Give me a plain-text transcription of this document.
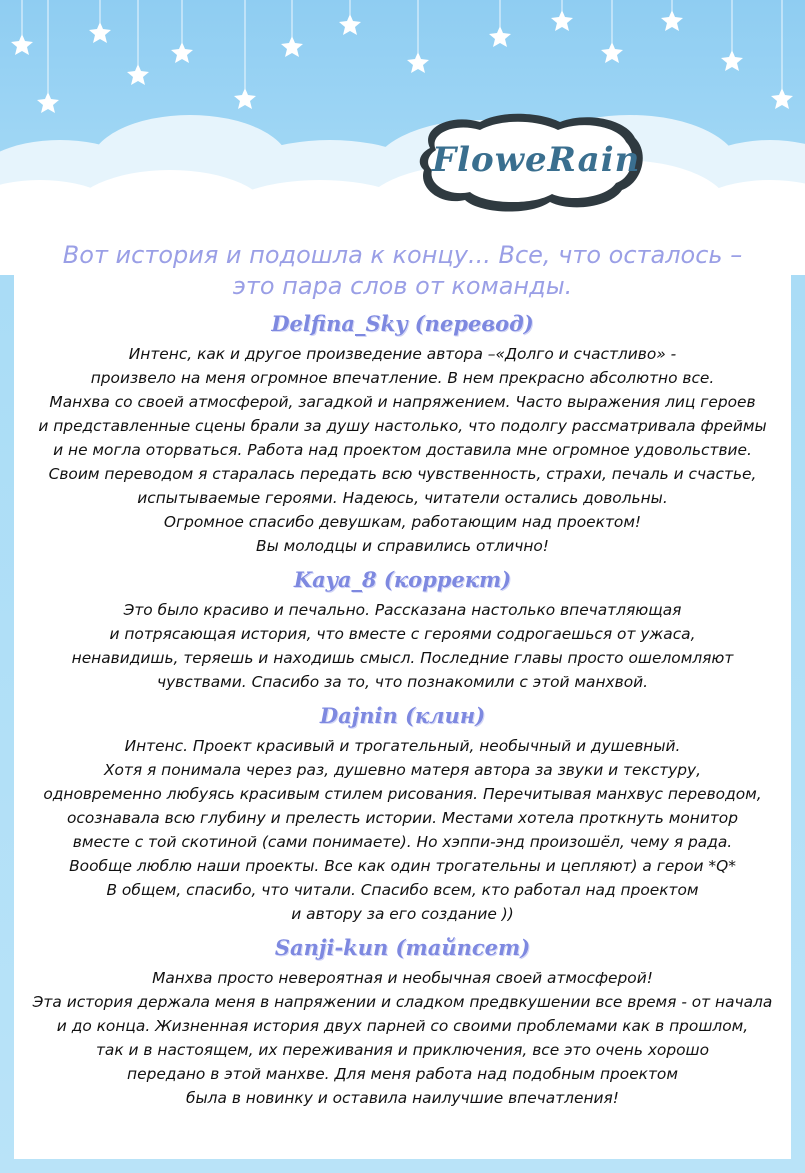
FloweRain

Вот история и подошла к концу... Все, что осталось –
это пара слов от команды.

Delfina_Sky (перевод)

Интенс, как и другое произведение автора –«Долго и счастливо» -
произвело на меня огромное впечатление. В нем прекрасно абсолютно все.
Манхва со своей атмосферой, загадкой и напряжением. Часто выражения лиц героев
и представленные сцены брали за душу настолько, что подолгу рассматривала фреймы
и не могла оторваться. Работа над проектом доставила мне огромное удовольствие.
Своим переводом я старалась передать всю чувственность, страхи, печаль и счастье,
испытываемые героями. Надеюсь, читатели остались довольны.
Огромное спасибо девушкам, работающим над проектом!
Вы молодцы и справились отлично!

Kaya_8 (коррект)

Это было красиво и печально. Рассказана настолько впечатляющая
и потрясающая история, что вместе с героями содрогаешься от ужаса,
ненавидишь, теряешь и находишь смысл. Последние главы просто ошеломляют
чувствами. Спасибо за то, что познакомили с этой манхвой.

Dajnin (клин)

Интенс. Проект красивый и трогательный, необычный и душевный.
Хотя я понимала через раз, душевно матеря автора за звуки и текстуру,
одновременно любуясь красивым стилем рисования. Перечитывая манхвус переводом,
осознавала всю глубину и прелесть истории. Местами хотела проткнуть монитор
вместе с той скотиной (сами понимаете). Но хэппи-энд произошёл, чему я рада.
Вообще люблю наши проекты. Все как один трогательны и цепляют) а герои *Q*
В общем, спасибо, что читали. Спасибо всем, кто работал над проектом
и автору за его создание ))

Sanji-kun (тайпсет)

Манхва просто невероятная и необычная своей атмосферой!
Эта история держала меня в напряжении и сладком предвкушении все время - от начала
и до конца. Жизненная история двух парней со своими проблемами как в прошлом,
так и в настоящем, их переживания и приключения, все это очень хорошо
передано в этой манхве. Для меня работа над подобным проектом
была в новинку и оставила наилучшие впечатления!
